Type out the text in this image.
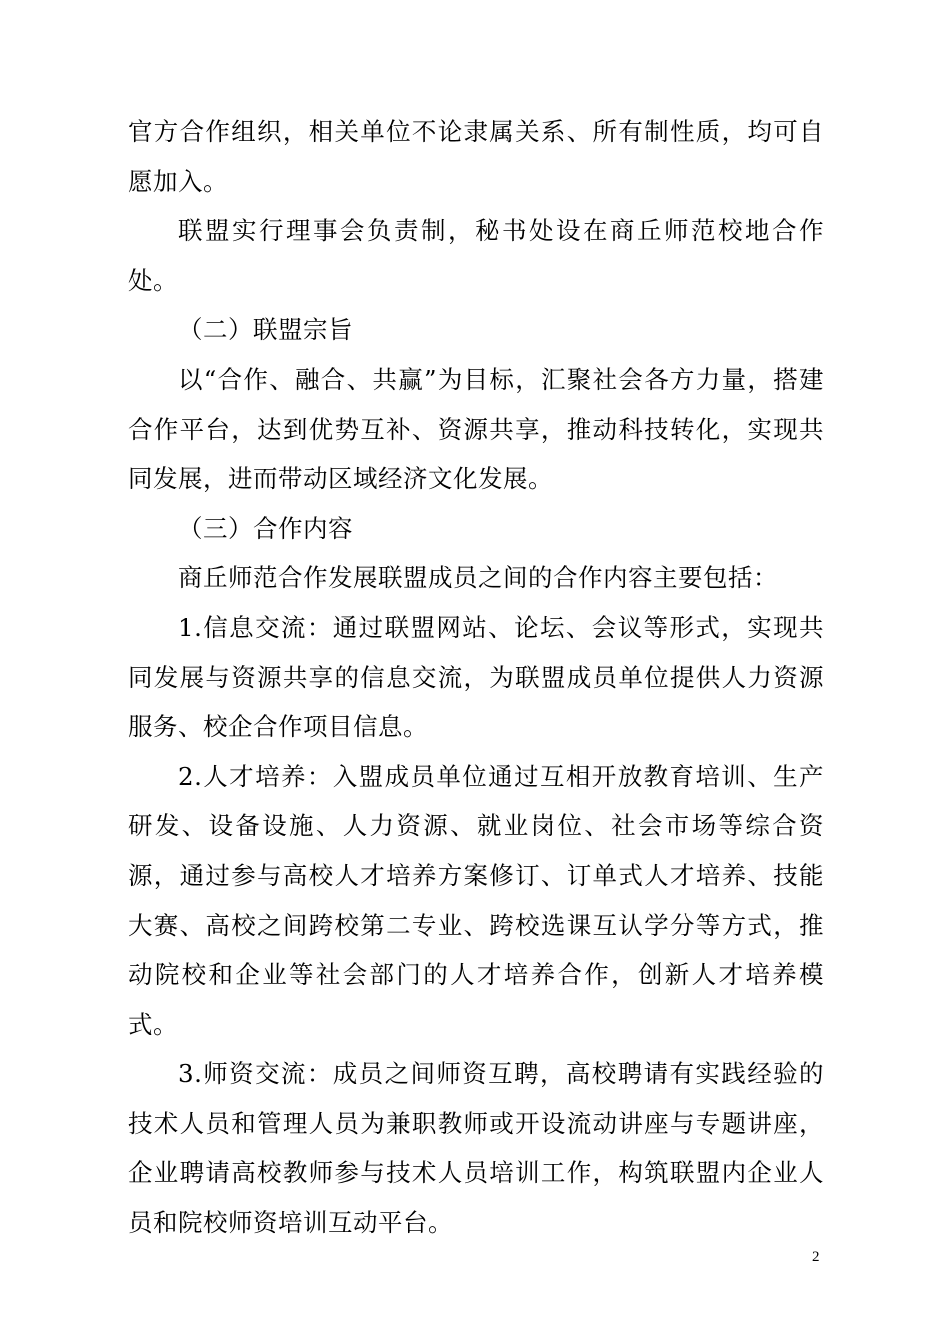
官方合作组织，相关单位不论隶属关系、所有制性质，均可自愿加入。

联盟实行理事会负责制，秘书处设在商丘师范校地合作处。

（二）联盟宗旨

以“合作、融合、共赢”为目标，汇聚社会各方力量，搭建合作平台，达到优势互补、资源共享，推动科技转化，实现共同发展，进而带动区域经济文化发展。

（三）合作内容

商丘师范合作发展联盟成员之间的合作内容主要包括：

1.信息交流：通过联盟网站、论坛、会议等形式，实现共同发展与资源共享的信息交流，为联盟成员单位提供人力资源服务、校企合作项目信息。

2.人才培养：入盟成员单位通过互相开放教育培训、生产研发、设备设施、人力资源、就业岗位、社会市场等综合资源，通过参与高校人才培养方案修订、订单式人才培养、技能大赛、高校之间跨校第二专业、跨校选课互认学分等方式，推动院校和企业等社会部门的人才培养合作，创新人才培养模式。

3.师资交流：成员之间师资互聘，高校聘请有实践经验的技术人员和管理人员为兼职教师或开设流动讲座与专题讲座，企业聘请高校教师参与技术人员培训工作，构筑联盟内企业人员和院校师资培训互动平台。

2
